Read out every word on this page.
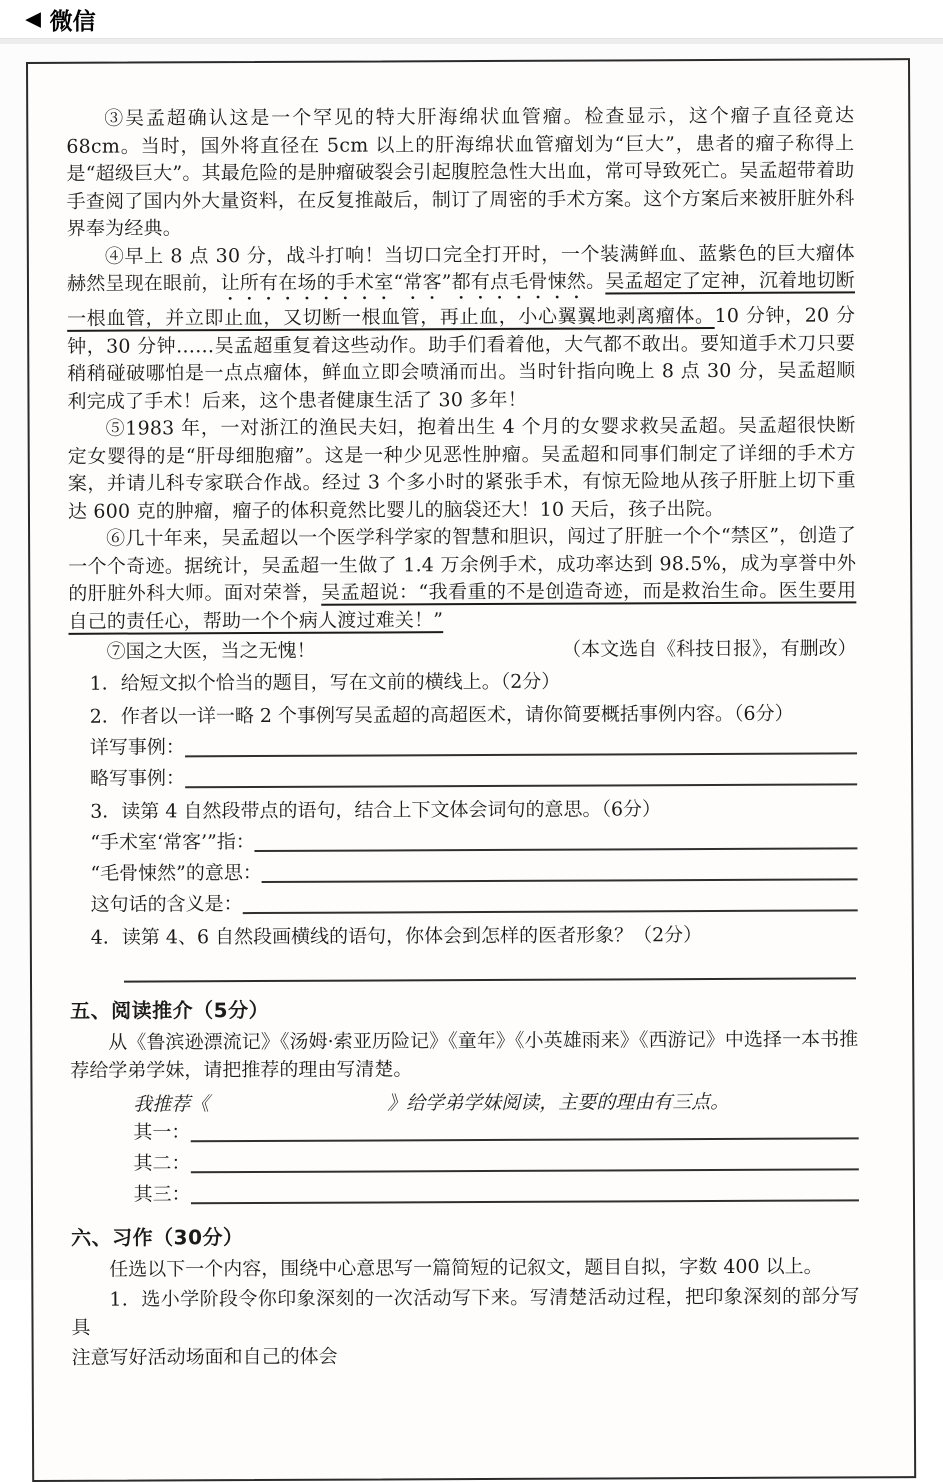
◀ 微信

③吴孟超确认这是一个罕见的特大肝海绵状血管瘤。检查显示，这个瘤子直径竟达 68cm。当时，国外将直径在 5cm 以上的肝海绵状血管瘤划为“巨大”，患者的瘤子称得上是“超级巨大”。其最危险的是肿瘤破裂会引起腹腔急性大出血，常可导致死亡。吴孟超带着助手查阅了国内外大量资料，在反复推敲后，制订了周密的手术方案。这个方案后来被肝脏外科界奉为经典。

④早上 8 点 30 分，战斗打响！当切口完全打开时，一个装满鲜血、蓝紫色的巨大瘤体赫然呈现在眼前，让所有在场的手术室“常客”都有点毛骨悚然。吴孟超定了定神，沉着地切断一根血管，并立即止血，又切断一根血管，再止血，小心翼翼地剥离瘤体。10 分钟，20 分钟，30 分钟……吴孟超重复着这些动作。助手们看着他，大气都不敢出。要知道手术刀只要稍稍碰破哪怕是一点点瘤体，鲜血立即会喷涌而出。当时针指向晚上 8 点 30 分，吴孟超顺利完成了手术！后来，这个患者健康生活了 30 多年！

⑤1983 年，一对浙江的渔民夫妇，抱着出生 4 个月的女婴求救吴孟超。吴孟超很快断定女婴得的是“肝母细胞瘤”。这是一种少见恶性肿瘤。吴孟超和同事们制定了详细的手术方案，并请儿科专家联合作战。经过 3 个多小时的紧张手术，有惊无险地从孩子肝脏上切下重达 600 克的肿瘤，瘤子的体积竟然比婴儿的脑袋还大！10 天后，孩子出院。

⑥几十年来，吴孟超以一个医学科学家的智慧和胆识，闯过了肝脏一个个“禁区”，创造了一个个奇迹。据统计，吴孟超一生做了 1.4 万余例手术，成功率达到 98.5%，成为享誉中外的肝脏外科大师。面对荣誉，吴孟超说：“我看重的不是创造奇迹，而是救治生命。医生要用自己的责任心，帮助一个个病人渡过难关！”

⑦国之大医，当之无愧！	（本文选自《科技日报》，有删改）

1．给短文拟个恰当的题目，写在文前的横线上。（2分）

2．作者以一详一略 2 个事例写吴孟超的高超医术，请你简要概括事例内容。（6分）

详写事例：
略写事例：

3．读第 4 自然段带点的语句，结合上下文体会词句的意思。（6分）

“手术室‘常客’”指：
“毛骨悚然”的意思：
这句话的含义是：

4．读第 4、6 自然段画横线的语句，你体会到怎样的医者形象？（2分）

五、阅读推介（5分）

从《鲁滨逊漂流记》《汤姆·索亚历险记》《童年》《小英雄雨来》《西游记》中选择一本书推荐给学弟学妹，请把推荐的理由写清楚。

我推荐《	》给学弟学妹阅读，主要的理由有三点。
其一：
其二：
其三：

六、习作（30分）

任选以下一个内容，围绕中心意思写一篇简短的记叙文，题目自拟，字数 400 以上。

1．选小学阶段令你印象深刻的一次活动写下来。写清楚活动过程，把印象深刻的部分写具

注意写好活动场面和自己的体会
